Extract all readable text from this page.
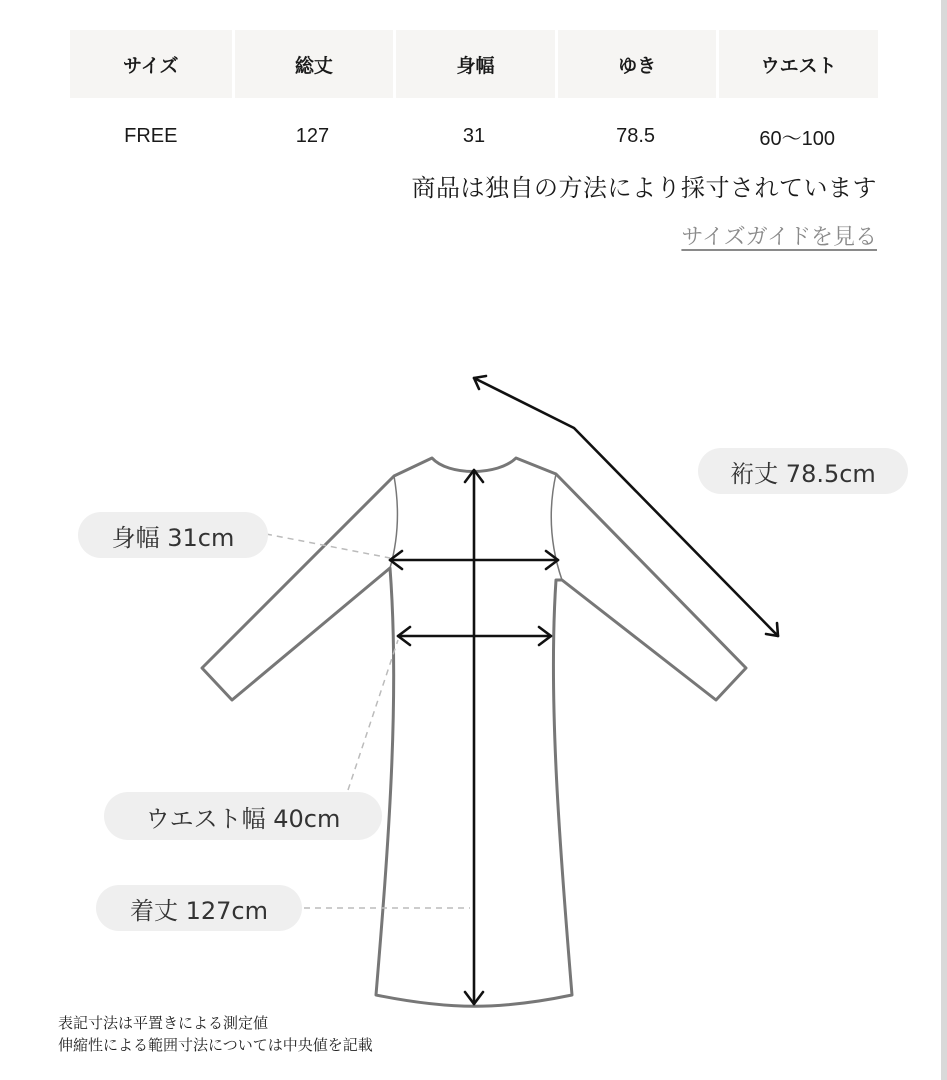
サイズ	総丈	身幅	ゆき	ウエスト
FREE	127	31	78.5	60〜100
商品は独自の方法により採寸されています
サイズガイドを見る
裄丈 78.5cm
身幅 31cm
ウエスト幅 40cm
着丈 127cm
表記寸法は平置きによる測定値
伸縮性による範囲寸法については中央値を記載
